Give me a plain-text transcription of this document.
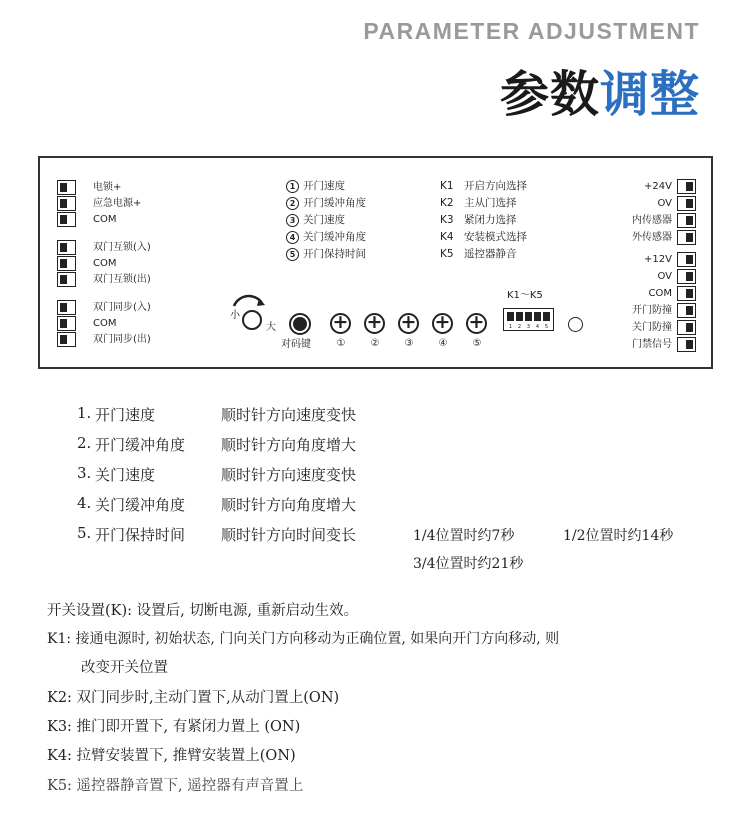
PARAMETER ADJUSTMENT
参数调整
电锁+
应急电源+
COM
双门互锁(入)
COM
双门互锁(出)
双门同步(入)
COM
双门同步(出)
小
大
对码键
+
+
+
+
+	①	②	③	④	⑤
1 开门速度
2 开门缓冲角度
3 关门速度
4 关门缓冲角度
5 开门保持时间
K1 开启方向选择
K2 主从门选择
K3 紧闭力选择
K4 安装模式选择
K5 遥控器静音
K1～K5
1	2	3	4	5
+24V
OV
内传感器
外传感器
+12V
OV
COM
开门防撞
关门防撞
门禁信号
1. 开门速度	顺时针方向速度变快
2. 开门缓冲角度 顺时针方向角度增大
3. 关门速度	顺时针方向速度变快
4. 关门缓冲角度 顺时针方向角度增大
5. 开门保持时间 顺时针方向时间变长	1/4位置时约7秒	1/2位置时约14秒
3/4位置时约21秒
开关设置(K): 设置后, 切断电源, 重新启动生效。
K1: 接通电源时, 初始状态, 门向关门方向移动为正确位置, 如果向开门方向移动, 则
改变开关位置
K2: 双门同步时,主动门置下,从动门置上(ON)
K3: 推门即开置下, 有紧闭力置上 (ON)
K4: 拉臂安装置下, 推臂安装置上(ON)
K5: 遥控器静音置下, 遥控器有声音置上
